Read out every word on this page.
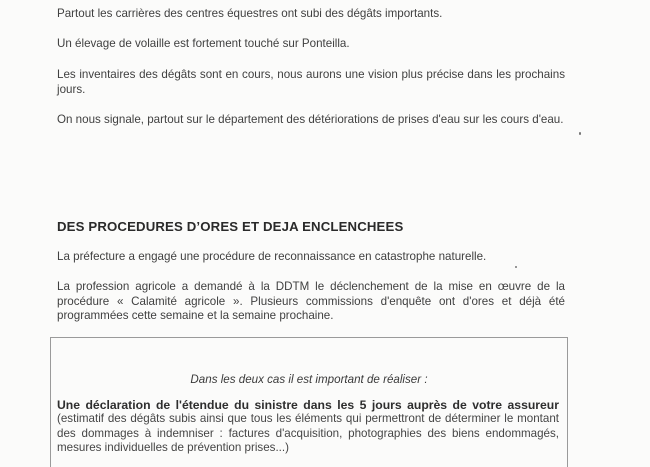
Partout les carrières des centres équestres ont subi des dégâts importants.

Un élevage de volaille est fortement touché sur Ponteilla.

Les inventaires des dégâts sont en cours, nous aurons une vision plus précise dans les prochains jours.

On nous signale, partout sur le département des détériorations de prises d'eau sur les cours d'eau.

DES PROCEDURES D’ORES ET DEJA ENCLENCHEES

La préfecture a engagé une procédure de reconnaissance en catastrophe naturelle.

La profession agricole a demandé à la DDTM le déclenchement de la mise en œuvre de la procédure « Calamité agricole ». Plusieurs commissions d'enquête ont d'ores et déjà été programmées cette semaine et la semaine prochaine.

Dans les deux cas il est important de réaliser :
Une déclaration de l'étendue du sinistre dans les 5 jours auprès de votre assureur
(estimatif des dégâts subis ainsi que tous les éléments qui permettront de déterminer le montant des dommages à indemniser : factures d'acquisition, photographies des biens endommagés, mesures individuelles de prévention prises...)
